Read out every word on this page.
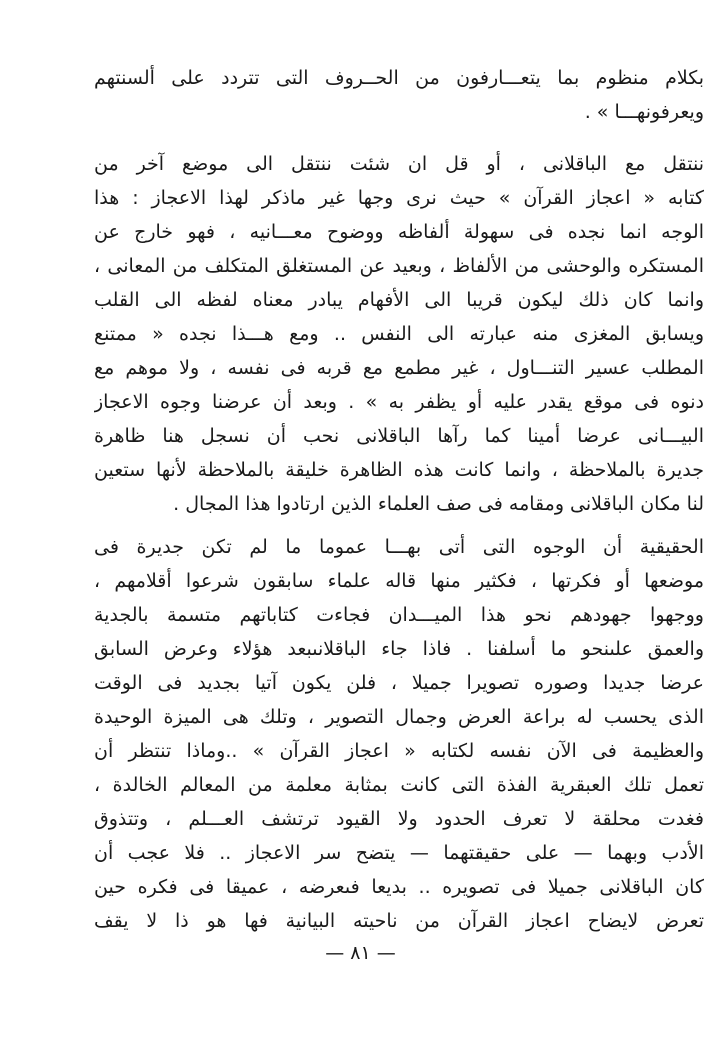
بكلام منظوم بما يتعـــارفون من الحــروف التى تتردد على ألسنتهم
ويعرفونهـــا » .
ننتقل مع الباقلانى ، أو قل ان شئت ننتقل الى موضع آخر من
كتابه « اعجاز القرآن » حيث نرى وجها غير ماذكر لهذا الاعجاز : هذا
الوجه انما نجده فى سهولة ألفاظه ووضوح معـــانيه ، فهو خارج عن
المستكره والوحشى من الألفاظ ، وبعيد عن المستغلق المتكلف من المعانى ،
وانما كان ذلك ليكون قريبا الى الأفهام يبادر معناه لفظه الى القلب
ويسابق المغزى منه عبارته الى النفس .. ومع هـــذا نجده « ممتنع
المطلب عسير التنـــاول ، غير مطمع مع قربه فى نفسه ، ولا موهم مع
دنوه فى موقع يقدر عليه أو يظفر به » . وبعد أن عرضنا وجوه الاعجاز
البيـــانى عرضا أمينا كما رآها الباقلانى نحب أن نسجل هنا ظاهرة
جديرة بالملاحظة ، وانما كانت هذه الظاهرة خليقة بالملاحظة لأنها ستعين
لنا مكان الباقلانى ومقامه فى صف العلماء الذين ارتادوا هذا المجال .
الحقيقية أن الوجوه التى أتى بهـــا عموما ما لم تكن جديرة فى
موضعها أو فكرتها ، فكثير منها قاله علماء سابقون شرعوا أقلامهم ،
ووجهوا جهودهم نحو هذا الميـــدان فجاءت كتاباتهم متسمة بالجدية
والعمق علىنحو ما أسلفنا . فاذا جاء الباقلانىبعد هؤلاء وعرض السابق
عرضا جديدا وصوره تصويرا جميلا ، فلن يكون آتيا بجديد فى الوقت
الذى يحسب له براعة العرض وجمال التصوير ، وتلك هى الميزة الوحيدة
والعظيمة فى الآن نفسه لكتابه « اعجاز القرآن » ..وماذا تنتظر أن
تعمل تلك العبقرية الفذة التى كانت بمثابة معلمة من المعالم الخالدة ،
فغدت محلقة لا تعرف الحدود ولا القيود ترتشف العـــلم ، وتتذوق
الأدب وبهما — على حقيقتهما — يتضح سر الاعجاز .. فلا عجب أن
كان الباقلانى جميلا فى تصويره .. بديعا فىعرضه ، عميقا فى فكره حين
تعرض لايضاح اعجاز القرآن من ناحيته البيانية فها هو ذا لا يقف
— ٨١ —
